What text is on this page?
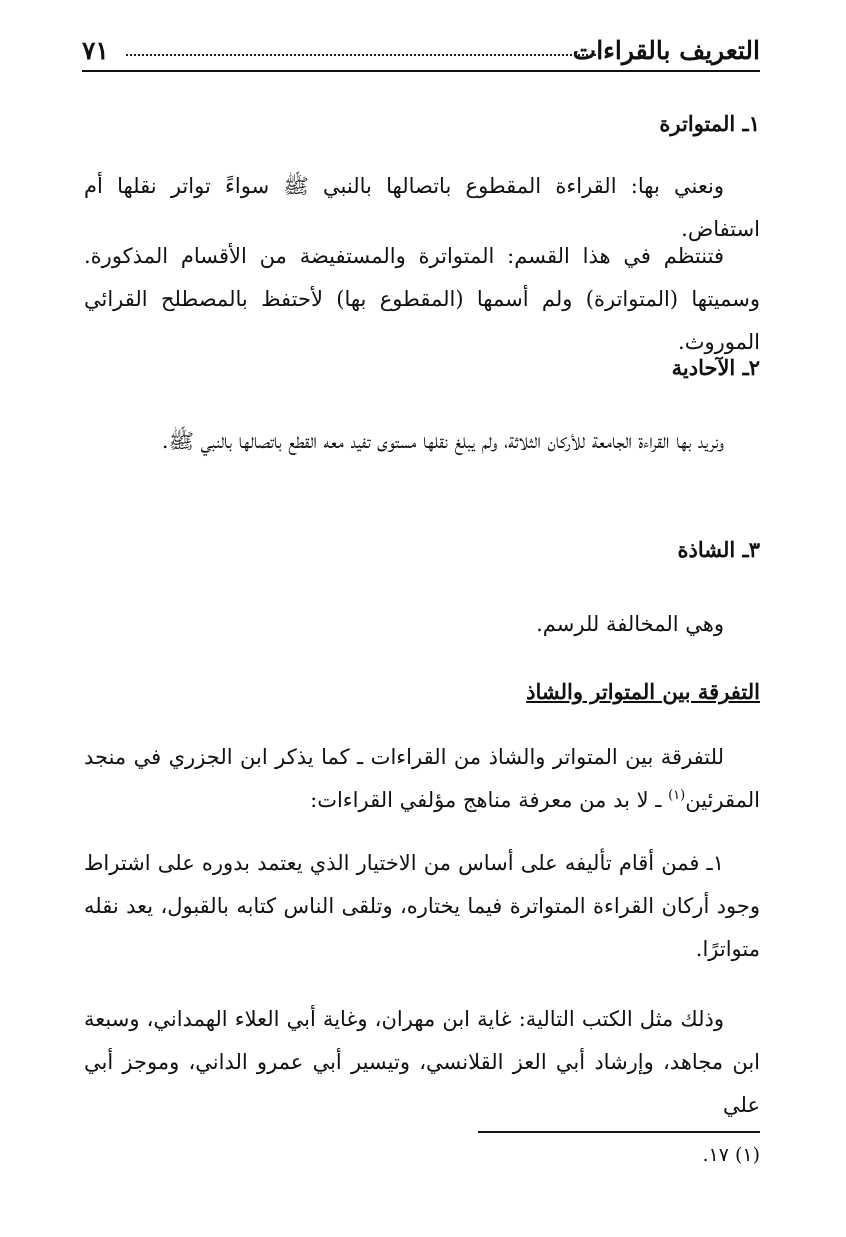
التعريف بالقراءات
٧١
١ـ المتواترة
ونعني بها: القراءة المقطوع باتصالها بالنبي ﷺ سواءً تواتر نقلها أم استفاض.
فتنتظم في هذا القسم: المتواترة والمستفيضة من الأقسام المذكورة. وسميتها (المتواترة) ولم أسمها (المقطوع بها) لأحتفظ بالمصطلح القرائي الموروث.
٢ـ الآحادية
ونريد بها القراءة الجامعة للأركان الثلاثة، ولم يبلغ نقلها مستوى تفيد معه القطع باتصالها بالنبي ﷺ.
٣ـ الشاذة
وهي المخالفة للرسم.
التفرقة بين المتواتر والشاذ
للتفرقة بين المتواتر والشاذ من القراءات ـ كما يذكر ابن الجزري في منجد المقرئين$^{(١)}$ ـ لا بد من معرفة مناهج مؤلفي القراءات:
١ـ فمن أقام تأليفه على أساس من الاختيار الذي يعتمد بدوره على اشتراط وجود أركان القراءة المتواترة فيما يختاره، وتلقى الناس كتابه بالقبول، يعد نقله متواترًا.
وذلك مثل الكتب التالية: غاية ابن مهران، وغاية أبي العلاء الهمداني، وسبعة ابن مجاهد، وإرشاد أبي العز القلانسي، وتيسير أبي عمرو الداني، وموجز أبي علي
(١) ١٧.
